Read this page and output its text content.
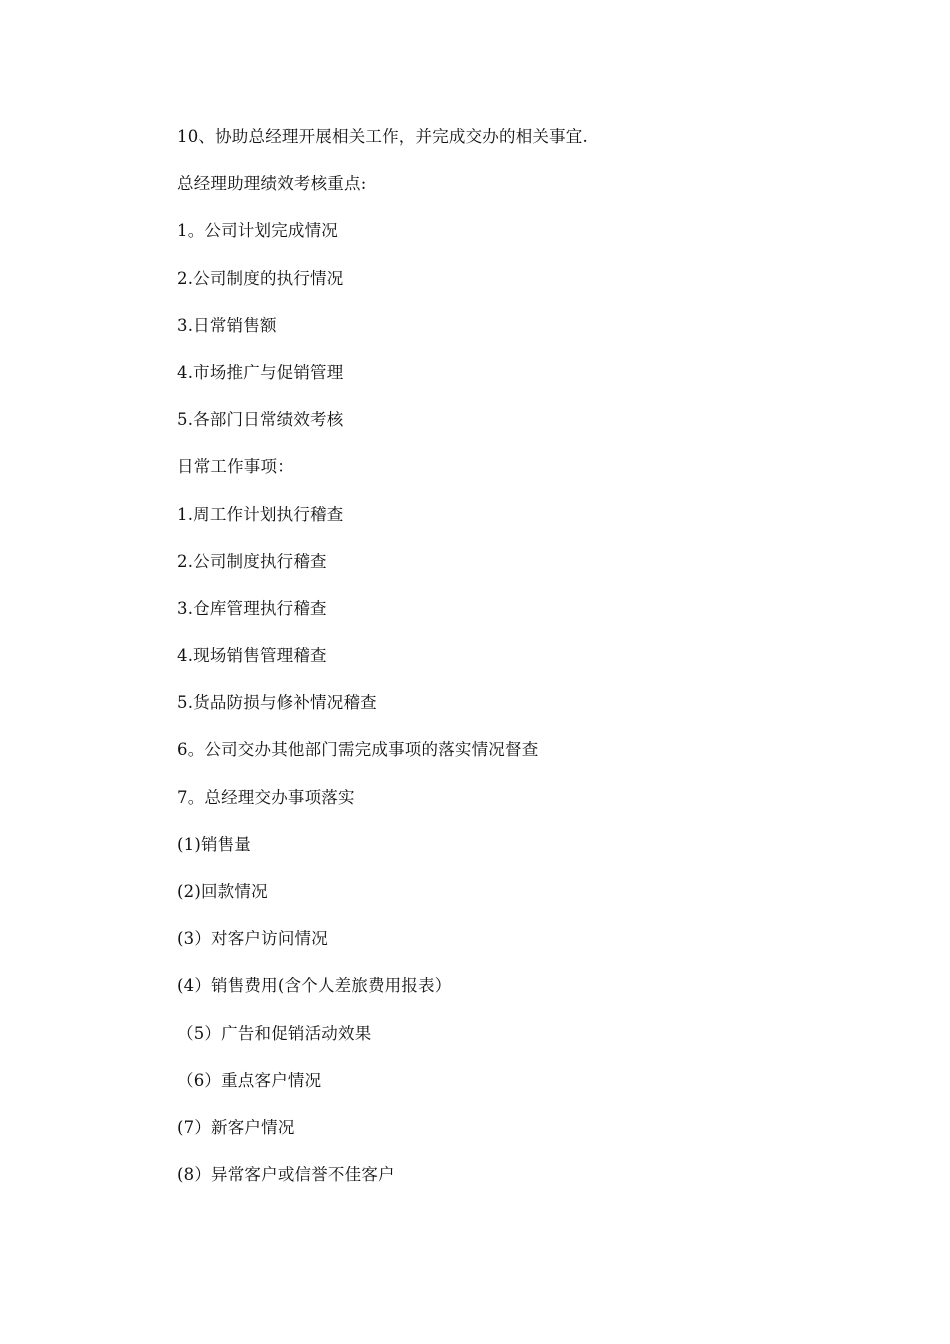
10、协助总经理开展相关工作，并完成交办的相关事宜.
总经理助理绩效考核重点:
1。公司计划完成情况
2.公司制度的执行情况
3.日常销售额
4.市场推广与促销管理
5.各部门日常绩效考核
日常工作事项：
1.周工作计划执行稽查
2.公司制度执行稽查
3.仓库管理执行稽查
4.现场销售管理稽查
5.货品防损与修补情况稽查
6。公司交办其他部门需完成事项的落实情况督查
7。总经理交办事项落实
(1)销售量
(2)回款情况
(3）对客户访问情况
(4）销售费用(含个人差旅费用报表）
（5）广告和促销活动效果
（6）重点客户情况
(7）新客户情况
(8）异常客户或信誉不佳客户
